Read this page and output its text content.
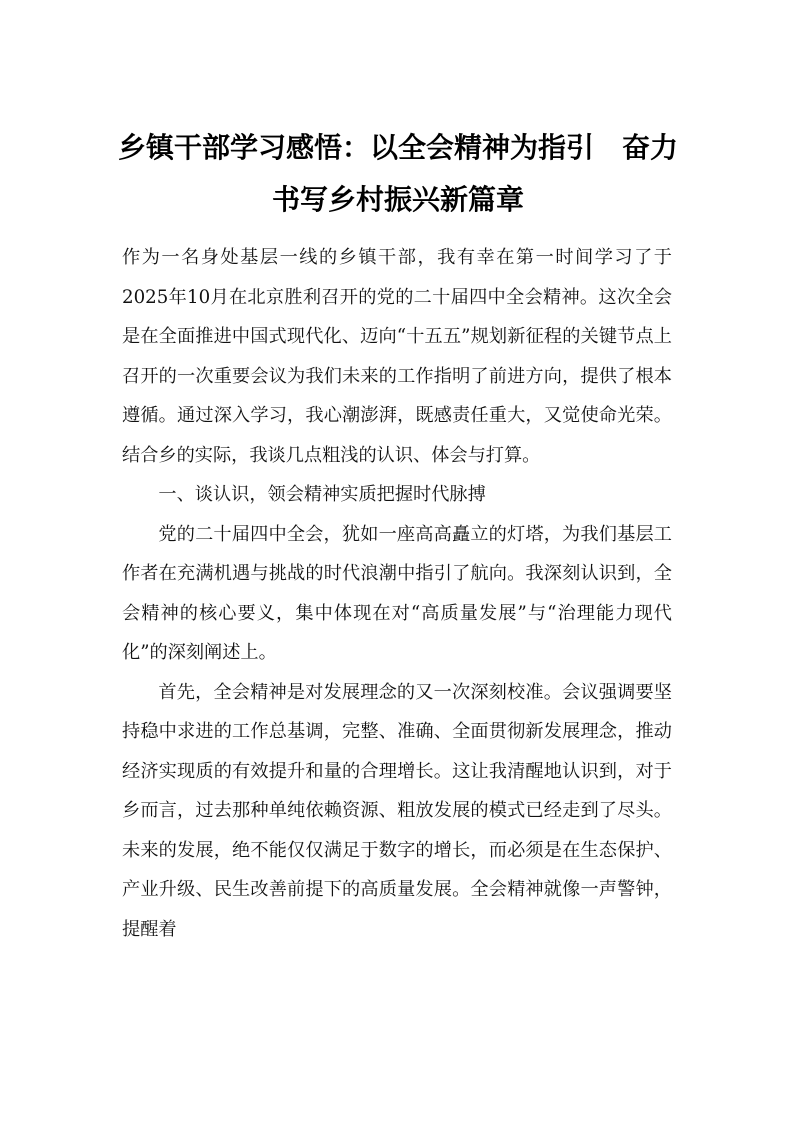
乡镇干部学习感悟：以全会精神为指引　奋力书写乡村振兴新篇章

作为一名身处基层一线的乡镇干部，我有幸在第一时间学习了于2025年10月在北京胜利召开的党的二十届四中全会精神。这次全会是在全面推进中国式现代化、迈向“十五五”规划新征程的关键节点上召开的一次重要会议为我们未来的工作指明了前进方向，提供了根本遵循。通过深入学习，我心潮澎湃，既感责任重大，又觉使命光荣。结合乡的实际，我谈几点粗浅的认识、体会与打算。

一、谈认识，领会精神实质把握时代脉搏

党的二十届四中全会，犹如一座高高矗立的灯塔，为我们基层工作者在充满机遇与挑战的时代浪潮中指引了航向。我深刻认识到，全会精神的核心要义，集中体现在对“高质量发展”与“治理能力现代化”的深刻阐述上。

首先，全会精神是对发展理念的又一次深刻校准。会议强调要坚持稳中求进的工作总基调，完整、准确、全面贯彻新发展理念，推动经济实现质的有效提升和量的合理增长。这让我清醒地认识到，对于乡而言，过去那种单纯依赖资源、粗放发展的模式已经走到了尽头。未来的发展，绝不能仅仅满足于数字的增长，而必须是在生态保护、产业升级、民生改善前提下的高质量发展。全会精神就像一声警钟，提醒着
